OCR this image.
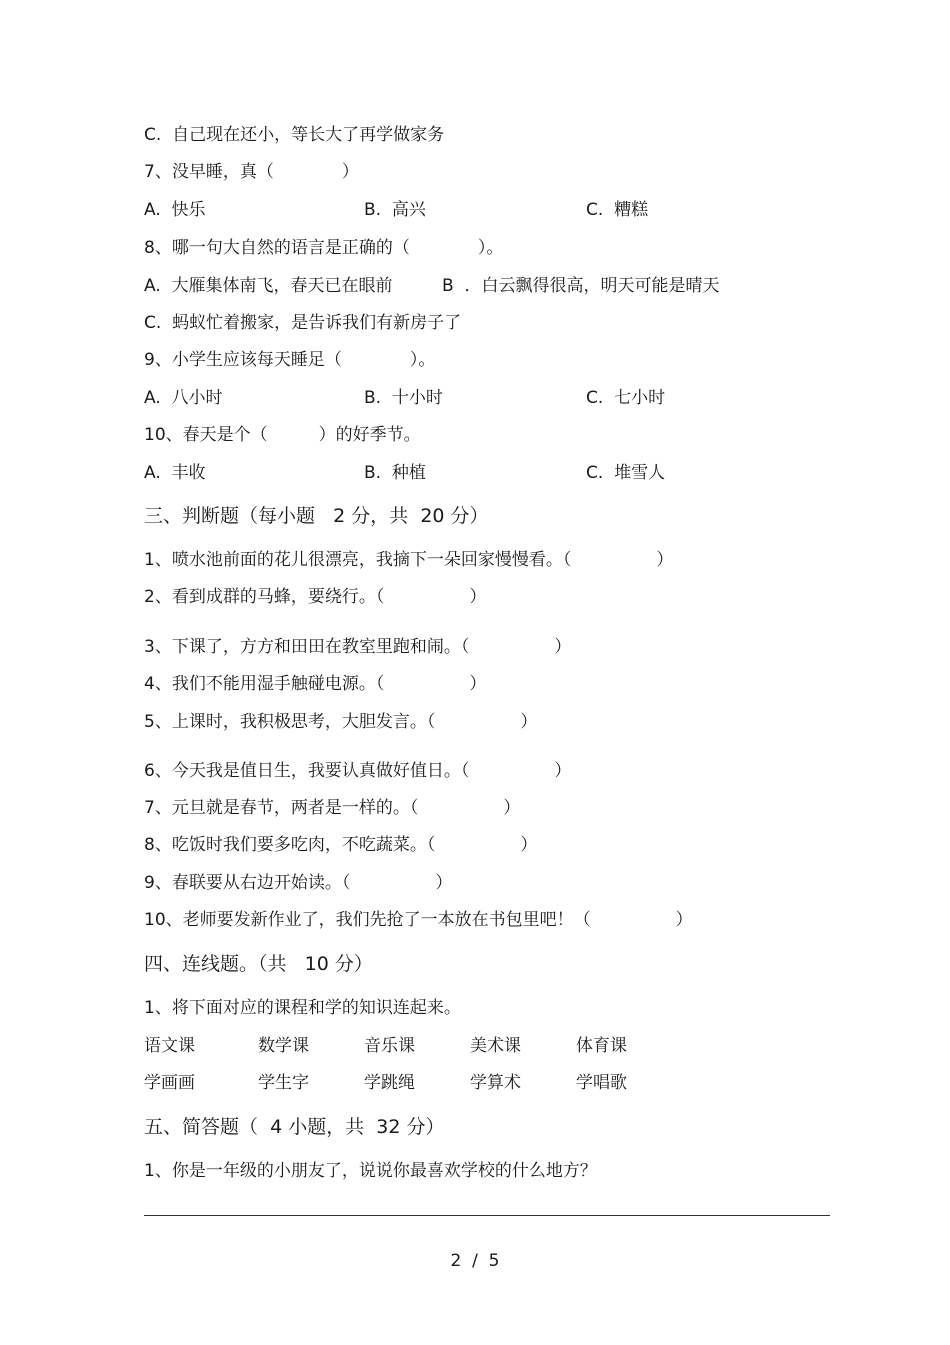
C.  自己现在还小，等长大了再学做家务
7、没早睡，真（　　　　）
A.  快乐	B.  高兴	C.  糟糕
8、哪一句大自然的语言是正确的（　　　　）。
A.  大雁集体南飞，春天已在眼前	B  ．白云飘得很高，明天可能是晴天
C.  蚂蚁忙着搬家，是告诉我们有新房子了
9、小学生应该每天睡足（　　　　）。
A.  八小时	B.  十小时	C.  七小时
10、春天是个（　　　）的好季节。
A.  丰收	B.  种植	C.  堆雪人
三、判断题（每小题   2 分，共  20 分）
1、喷水池前面的花儿很漂亮，我摘下一朵回家慢慢看。（　　　　　）
2、看到成群的马蜂，要绕行。（　　　　　）
3、下课了，方方和田田在教室里跑和闹。（　　　　　）
4、我们不能用湿手触碰电源。（　　　　　）
5、上课时，我积极思考，大胆发言。（　　　　　）
6、今天我是值日生，我要认真做好值日。（　　　　　）
7、元旦就是春节，两者是一样的。（　　　　　）
8、吃饭时我们要多吃肉，不吃蔬菜。（　　　　　）
9、春联要从右边开始读。（　　　　　）
10、老师要发新作业了，我们先抢了一本放在书包里吧！（　　　　　）
四、连线题。（共   10 分）
1、将下面对应的课程和学的知识连起来。
语文课	数学课	音乐课	美术课	体育课
学画画	学生字	学跳绳	学算术	学唱歌
五、简答题（  4 小题，共  32 分）
1、你是一年级的小朋友了，说说你最喜欢学校的什么地方？
2  /  5
